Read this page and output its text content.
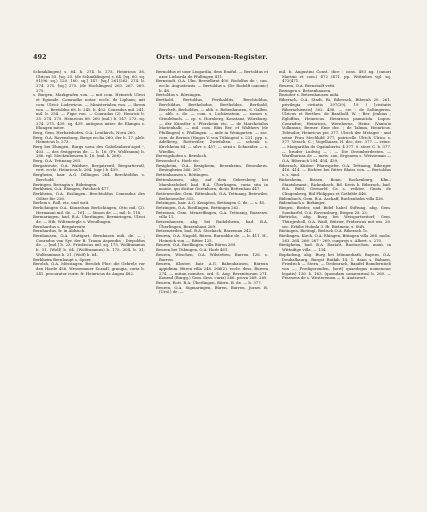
492	Orts- und Personen-Register.

Schmiklingen) s. 64. b. 274. b. 275, Heinricus 36. Ulricus 55. [sq. 25. (de Schmiklingen) s. 64. [sq. 60. sq. 91(96. sq.) 120. 160. sq.] 147. [sq.] 261(262. 274. b. 274. 275. [sq.] 275. (de Hochlingen) 263. 267. 269. 275.

s. Burgen, Markgrafen von. — mit com. Heinrich Ulrici et Egionde. Comradhe notar. eccle. de Liphain; mit com. Ulrici: Ludewicus. — Ministerialen von. — Ihrem von. — Bertoldus 68. b. 245. b. 402. Conradus mil. 241. mil. b. 254. — Figie von. — Conradus (2). Henricii b. 35. 274. 275. Heinricus 68. 260 (mil.) b. 147. 273. sq. 274. 275. 439. sq. 439. antiquus miter. de Ehingin s. Ehingen miter.

Berg, Gem. Herbatshofen, O.A. Leutkirch, Nova 260.

Berg, O.A. Ravensburg, Burgs ecclia 260, der b. 17. pleb. Heinricus b. 273.

Berg bei Ehingen, Burgs nova des Gabelenbern'sqed -, 403. — des Swiggerus de. — b. 16. (Fr. Wolframm) b. 266. vgl. Meckenbeuren b. 16. (mil. b. 266).

Berg, O.A. Tettnang 263.

Bergatreute, O.A. Waldsee, Bergatreutl, Bergartierutl, vert. eccle. Heinricus b. 264. (ngr.) b. 439.

Bergheim, bair. A.G. Dillingen 264. Berchtoldus s. Berchold.

Beringen, Beringin s. Böhringen.

Berkheim, O.A. Ehingen, Patchach 477.

Berkheim, O.A. Esslingen. Berchtoldus Comradus des Gölter für 226.

Berlem s. Roll. etc. und weit.

Berlichingen O.A. Künzelsau Berlichingen, Otto mil. (2). Hermanni mil. de. — 161. — Simon de. —, mil. b. 118.

Bermaringen, bad. B.A. Überlingen, Bermiringen, Ulrici de. — Hib. Wiltenriegle s. Wendlingen.

Bernhardus s. Bergatreute.

Bernhardus, fr. in Aldsuch.

Bernhausen, O.A. Stuttgart, Bernhusen mili. de. — ; Conradus van Syr. der B. Traum Aspendin ; Diepoldus de. — [mil.] b. 23. Friedricus mil. sq. 175. Wolframmus b. 31. (Wolf) b. 64. (Wolframmus) b. 175. 204. b. 31. Wolframmus b. 21. (Wolf) b. 64.

Berkheim Bernhaupt s. Speer.

Berolzh, O.A. Mössingen. Berolzh Flur: die Gebrele vor den Harde 456. Wessemauer Scandl, grangia, curia b. 241. procurator curie: fr. Heinricus de Augea 482.

Bernoldus et uxor Liugardia, dess Emiful. — Bertoldus et uxor Liebarda de Pfullingen 411.

Bernstadt, O.A. Ulm, Bernelbrat 400. Rodolfus de -, can. eccle. Augustensis. — Bertoldus s. (Dr. Rodolfi canonic) b. 48.

Bertoldus s. Börsingen.

Berthold, Bertoldus, Perthaldits, Berchtoldus, Berchildus, Berthelodus, Bertholdus, Berthold, Berchelt, Berholdus, — abb. s. Bebenhausen, S. Gallen. — abb. s. de. — com. s. Lichtenstein. — nomes s. Grindebach. — cp. s. Hornberg, Konstanz, Würzburg. — der Künstler s. Pforzheim etc. — de Marchetalus Marienhalb. — mil. com. filiis Ber. et Walthers (de Pfullingen) s. Pfullingen. — mde in Weingarten. — sac. com. de Bernus (Hugos V. von Tübingen) s. 231. pyp. s. Adelberg, Rottweiler, Zwiefalten. — schenk s. Kirchheim 64. — silvr. s. 457. — sexii s. Schneider. — s. Wiedlin.

Berwigshofen s. Bernloch.

Bessenhof s. Horb etc.

Besigheim, O.A. Besigheim, Besenkeim, Besenkern. Besingheim 266. 267.

Bettenhausen s. Böttingen.

Bettenhausen, abg. auf dem Gebersberg bei Marsbachdorf, bad. B.A. Überlingen, curia sita in monte, qui dicitur Gerenhorn, dictis Bettenhau 447.

Bettenweiler, Gem. Rittenbuch, O.A. Tettnang, Betewiler, Bethenweiler 332.

Betzingen, bair. A.G. Kempten, Bettingen C. de. — s. 45.

Betzingen, O.A. Riedlingen, Bettingen 262.

Betzenau, Gem. Menzelfingen, O.A. Tettnang, Bazzenw. villa 11.

Betzenhausen, abg. bei Radolsheim, bad. B.A. Überlingen, Bezzenhaus 269.

Betzenrieden, bad. B.A. Stockach, Bazzenau 242.

Beuren, O.A. Nagold, Büren, Burunkhe de. — b. 411. H., Heinrich von —, Ritter 125.

Beuren, O.A. Riedlingen, villa Büren 269.

Beuren bei Tübingen, O.A. Horb 461.

Beuren, Wöschen, O.A. Wilstetten, Burren 126. s. Burren.

Beuren, Kloster, bair. A.G. Babenhausen, Büreun appidium. Büren villa 248. 266(2). eccle. dess. Burren 274. — mitun nomites. ord. S. Aug. Bereniturum 271. Konrad (Burgg.) Gem. dess. curia) 266. prova 268. 269.

Beuren, Rott. B.A. Überlingen, Bürrn. B. de. — b. 377.

Beuren, O.A. Sigmaringen, Büren, Burren, Juraw. B. (Ursl.) de. —

mil. b. Augustini Const. dice : cons. 493 ng. (canori Martini et com.) 472 (471. pp. Wittmhes vgl. sq. 472(471.

Beuren, O.A. Bernstadt vetti.

Bezingen s. Betzenhausen.

Bezniter s. Betzenhausen mihi.

Biberach, O.A. Stadt, Bi, Biberach, Biberah 20. 261. privilegia civitatis 297(29), 19 ) [civitatis Biberachiensis] 302. 436. — civ. : de Saltingeren. Ulricus et Berthes. de Bantholf, W. ; Ber. Jenhias ; Egloffius, Heinricus. Heinricus pannicida. Lupus. Conradus; Heinricus, Wernherus, Heinr. (Vanto)a Volkinsus; Berner. Eine dec. ; de Talmm, Heinricus. Tebtudor, Heinricus pec 377. Ulrich der Metager - und seine Frau Mechhild 377, patricelle Ulrich Ulrico s. 377, Verach, C. ; Vogelhuaer, H. dec, dec. 377. — seine. — Margaritha de Ogaimbertu. 4 377. 0. sterr. C. b. 377. — bruder Ludwig — . — Die Dreimberdesten. — Wardhurnas de — mets. can. Ergenem s. Weisseman — O.A. Biberach 294. 454. 439.

Biberach, Küster: Pfaresprfer, O.A. Tettnang, Biberger 416. 414. — Richter bei Ritter Blaiss von. — Bertoldus s. s. sind.

Bickesheim, Bissen, Bonn, Rockenburg, Kfm., Staatsbeamt., Rickenbach, Bd. Kreis b. Biberach, bad. B.A. Bühl, Gernorld Ca s. reibter. Gunts de Clingenberg, Biil Philippus et Gothilde 446.

Bidembach, Gem. B.A. Aschaff, Bucbenhelm villa 426.

Bidembach s. Birkinger.

Biegen, Bieder, und Bidel habel Stiftung, abg. Gem. Sombarfel, O.A. Ravensburg, Biegen 28. 23.

Bietrichs, abg. Burg bei Weisgortzeitorf, Gem. Thürgesholl, O.A. Waiß, Bütrier, Fridericus mit wis. 28. sec. Erbilie Hohnla 3. fb. Bietmeiz. s. Stift.

Bietingen, Bietingl, Bielisch O.A. Biberach 1c.

Bietlingen, Kirch, O.A. Ehingen, Bitingen villa 266. mobs. 263. 264. 266. 267 - 269. cunprejs s. Albert. s. 270.

Bietigheim, bad. B.A. Rastatt, Bueturchen, mont. in Wittnifige villa. — 134.

Bopfadong, abg. Burg bei Münnerkath, Bayern, O.A. Deubalbaurg, Burgst Butkih 14. 1. dann s. Bahnen, Friedrich — Stern. — Dedenrach, Banifel Bomderntieb von —, Predigeronden, [sert] quaedogas nomenciac legatis) 136. b. 163. (quondam camerarius) b. 260. — Praesens de s. Westeremen — 6. Amtswort.
